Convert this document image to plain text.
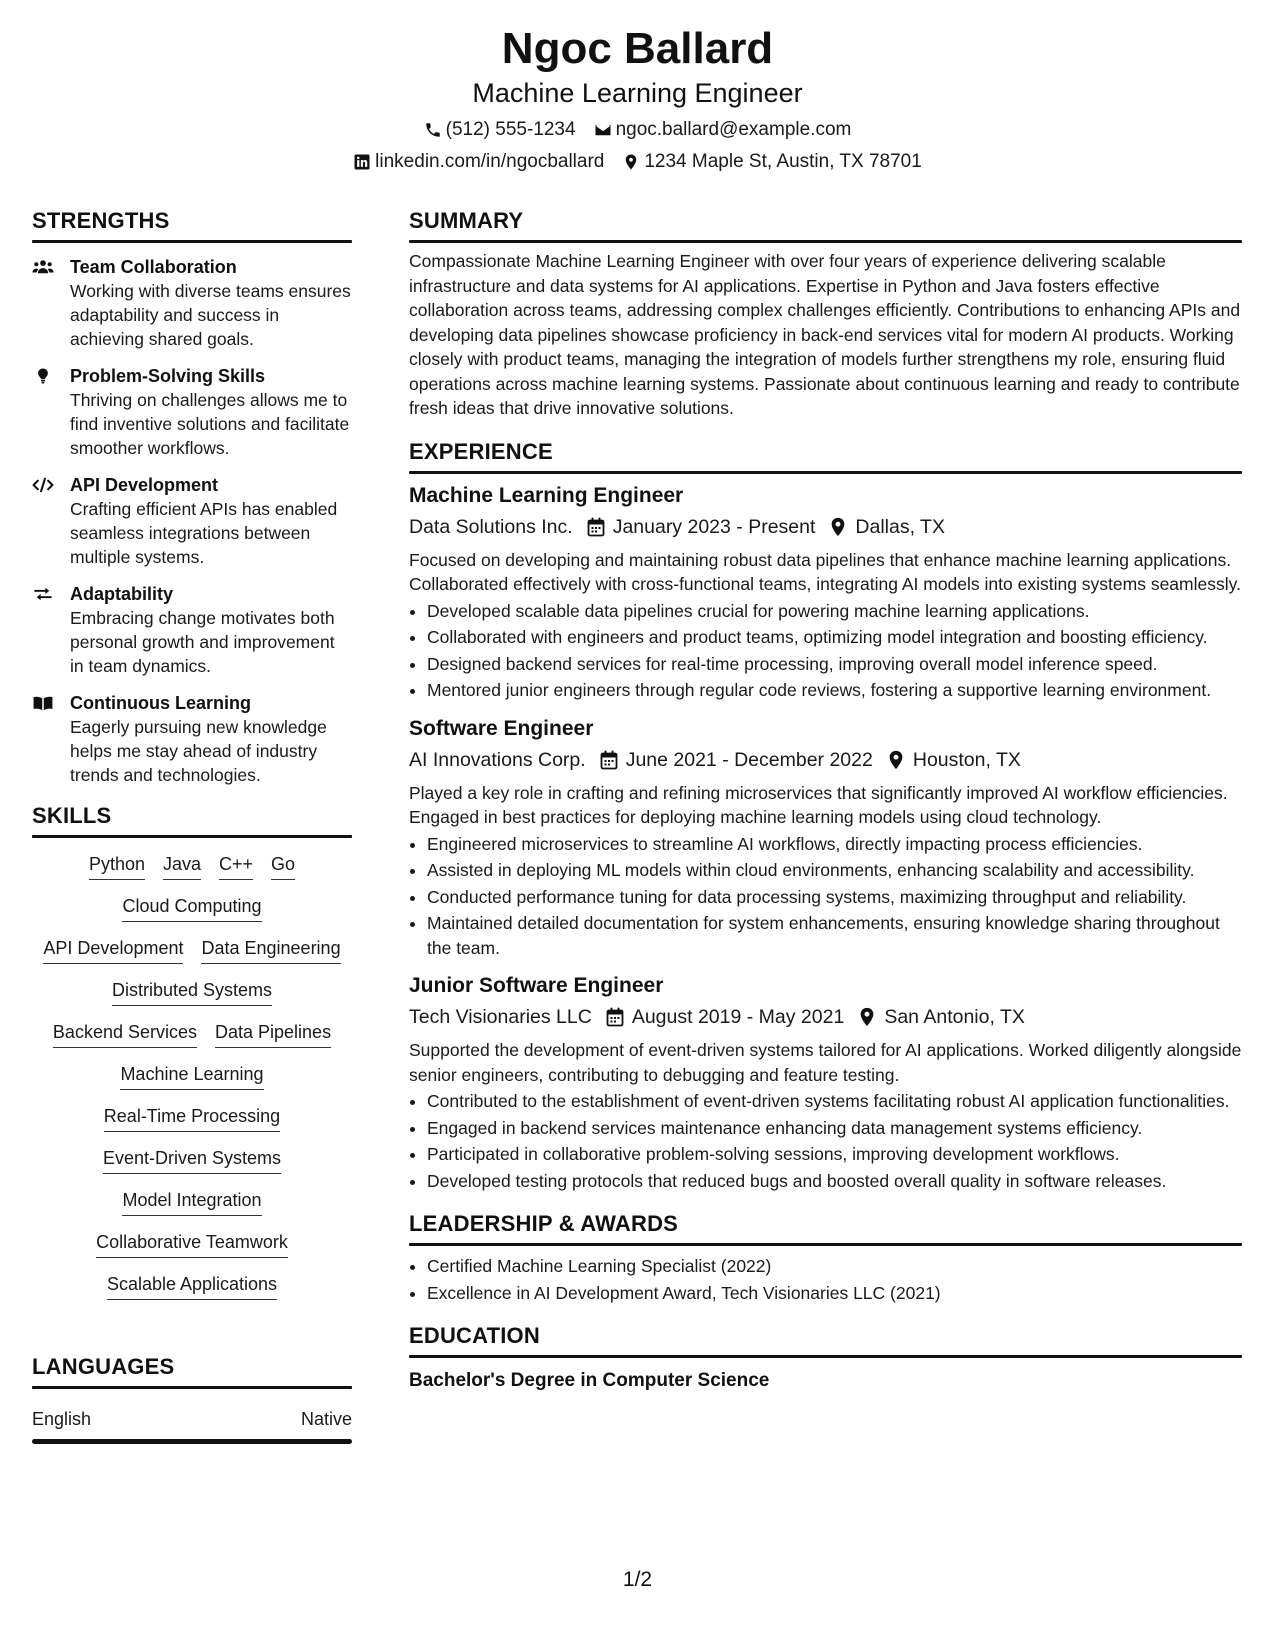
Ngoc Ballard
Machine Learning Engineer
(512) 555-1234 ngoc.ballard@example.com
linkedin.com/in/ngocballard 1234 Maple St, Austin, TX 78701
STRENGTHS
Team Collaboration
Working with diverse teams ensures adaptability and success in achieving shared goals.
Problem-Solving Skills
Thriving on challenges allows me to find inventive solutions and facilitate smoother workflows.
API Development
Crafting efficient APIs has enabled seamless integrations between multiple systems.
Adaptability
Embracing change motivates both personal growth and improvement in team dynamics.
Continuous Learning
Eagerly pursuing new knowledge helps me stay ahead of industry trends and technologies.
SKILLS
Python Java C++ Go
Cloud Computing
API Development Data Engineering
Distributed Systems
Backend Services Data Pipelines
Machine Learning
Real-Time Processing
Event-Driven Systems
Model Integration
Collaborative Teamwork
Scalable Applications
LANGUAGES
English	Native
SUMMARY
Compassionate Machine Learning Engineer with over four years of experience delivering scalable infrastructure and data systems for AI applications. Expertise in Python and Java fosters effective collaboration across teams, addressing complex challenges efficiently. Contributions to enhancing APIs and developing data pipelines showcase proficiency in back-end services vital for modern AI products. Working closely with product teams, managing the integration of models further strengthens my role, ensuring fluid operations across machine learning systems. Passionate about continuous learning and ready to contribute fresh ideas that drive innovative solutions.
EXPERIENCE
Machine Learning Engineer
Data Solutions Inc. January 2023 - Present Dallas, TX
Focused on developing and maintaining robust data pipelines that enhance machine learning applications. Collaborated effectively with cross-functional teams, integrating AI models into existing systems seamlessly.
• Developed scalable data pipelines crucial for powering machine learning applications.
• Collaborated with engineers and product teams, optimizing model integration and boosting efficiency.
• Designed backend services for real-time processing, improving overall model inference speed.
• Mentored junior engineers through regular code reviews, fostering a supportive learning environment.
Software Engineer
AI Innovations Corp. June 2021 - December 2022 Houston, TX
Played a key role in crafting and refining microservices that significantly improved AI workflow efficiencies. Engaged in best practices for deploying machine learning models using cloud technology.
• Engineered microservices to streamline AI workflows, directly impacting process efficiencies.
• Assisted in deploying ML models within cloud environments, enhancing scalability and accessibility.
• Conducted performance tuning for data processing systems, maximizing throughput and reliability.
• Maintained detailed documentation for system enhancements, ensuring knowledge sharing throughout the team.
Junior Software Engineer
Tech Visionaries LLC August 2019 - May 2021 San Antonio, TX
Supported the development of event-driven systems tailored for AI applications. Worked diligently alongside senior engineers, contributing to debugging and feature testing.
• Contributed to the establishment of event-driven systems facilitating robust AI application functionalities.
• Engaged in backend services maintenance enhancing data management systems efficiency.
• Participated in collaborative problem-solving sessions, improving development workflows.
• Developed testing protocols that reduced bugs and boosted overall quality in software releases.
LEADERSHIP & AWARDS
• Certified Machine Learning Specialist (2022)
• Excellence in AI Development Award, Tech Visionaries LLC (2021)
EDUCATION
Bachelor's Degree in Computer Science
1/2
